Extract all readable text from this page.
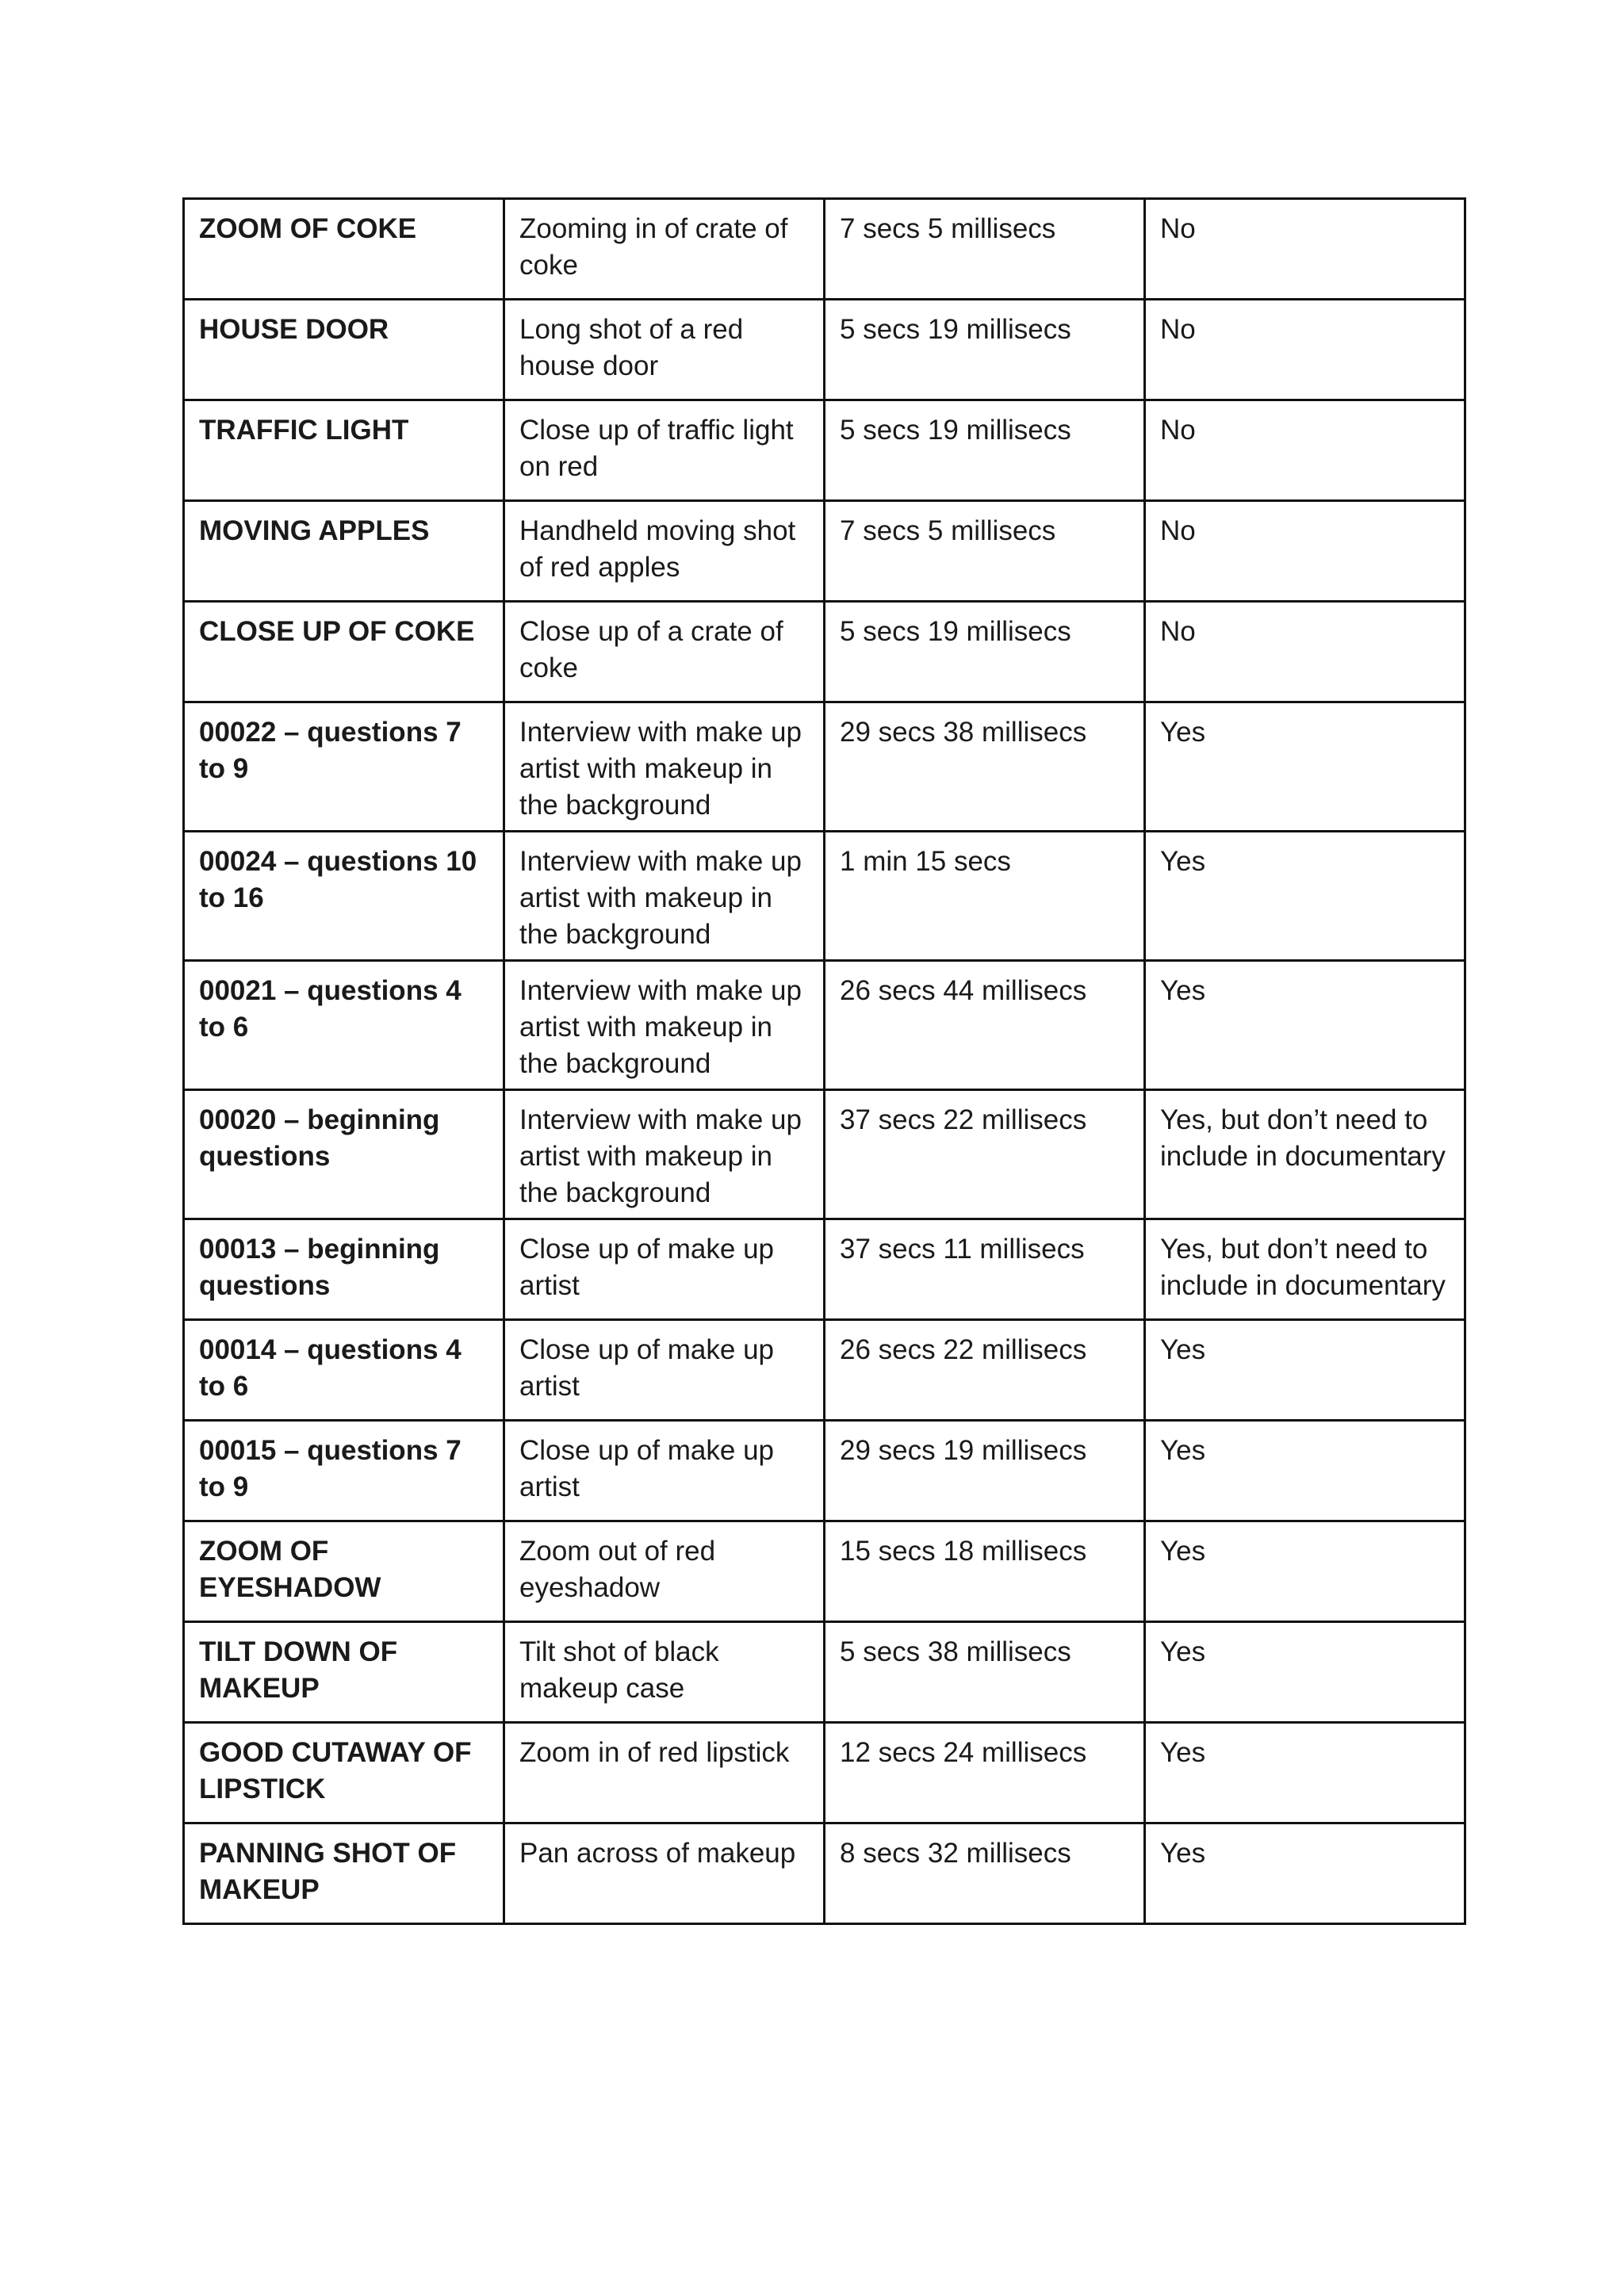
ZOOM OF COKE	Zooming in of crate of coke	7 secs 5 millisecs	No
HOUSE DOOR	Long shot of a red house door	5 secs 19 millisecs	No
TRAFFIC LIGHT	Close up of traffic light on red	5 secs 19 millisecs	No
MOVING APPLES	Handheld moving shot of red apples	7 secs 5 millisecs	No
CLOSE UP OF COKE	Close up of a crate of coke	5 secs 19 millisecs	No
00022 – questions 7 to 9	Interview with make up artist with makeup in the background	29 secs 38 millisecs	Yes
00024 – questions 10 to 16	Interview with make up artist with makeup in the background	1 min 15 secs	Yes
00021 – questions 4 to 6	Interview with make up artist with makeup in the background	26 secs 44 millisecs	Yes
00020 – beginning questions	Interview with make up artist with makeup in the background	37 secs 22 millisecs	Yes, but don’t need to include in documentary
00013 – beginning questions	Close up of make up artist	37 secs 11 millisecs	Yes, but don’t need to include in documentary
00014 – questions 4 to 6	Close up of make up artist	26 secs 22 millisecs	Yes
00015 – questions 7 to 9	Close up of make up artist	29 secs 19 millisecs	Yes
ZOOM OF EYESHADOW	Zoom out of red eyeshadow	15 secs 18 millisecs	Yes
TILT DOWN OF MAKEUP	Tilt shot of black makeup case	5 secs 38 millisecs	Yes
GOOD CUTAWAY OF LIPSTICK	Zoom in of red lipstick	12 secs 24 millisecs	Yes
PANNING SHOT OF MAKEUP	Pan across of makeup	8 secs 32 millisecs	Yes
